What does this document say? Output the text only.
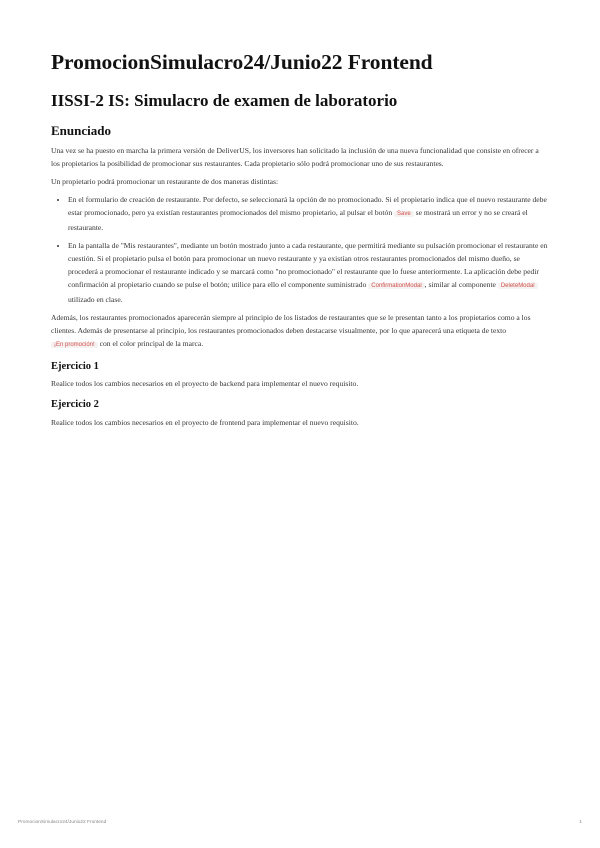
PromocionSimulacro24/Junio22 Frontend
IISSI-2 IS: Simulacro de examen de laboratorio
Enunciado

Una vez se ha puesto en marcha la primera versión de DeliverUS, los inversores han solicitado la inclusión de una nueva funcionalidad que consiste en ofrecer a los propietarios la posibilidad de promocionar sus restaurantes. Cada propietario sólo podrá promocionar uno de sus restaurantes.

Un propietario podrá promocionar un restaurante de dos maneras distintas:

• En el formulario de creación de restaurante. Por defecto, se seleccionará la opción de no promocionado. Si el propietario indica que el nuevo restaurante debe estar promocionado, pero ya existían restaurantes promocionados del mismo propietario, al pulsar el botón Save se mostrará un error y no se creará el restaurante.
• En la pantalla de "Mis restaurantes", mediante un botón mostrado junto a cada restaurante, que permitirá mediante su pulsación promocionar el restaurante en cuestión. Si el propietario pulsa el botón para promocionar un nuevo restaurante y ya existían otros restaurantes promocionados del mismo dueño, se procederá a promocionar el restaurante indicado y se marcará como "no promocionado" el restaurante que lo fuese anteriormente. La aplicación debe pedir confirmación al propietario cuando se pulse el botón; utilice para ello el componente suministrado ConfirmationModal , similar al componente DeleteModal utilizado en clase.

Además, los restaurantes promocionados aparecerán siempre al principio de los listados de restaurantes que se le presentan tanto a los propietarios como a los clientes. Además de presentarse al principio, los restaurantes promocionados deben destacarse visualmente, por lo que aparecerá una etiqueta de texto ¡En promoción! con el color principal de la marca.

Ejercicio 1

Realice todos los cambios necesarios en el proyecto de backend para implementar el nuevo requisito.

Ejercicio 2

Realice todos los cambios necesarios en el proyecto de frontend para implementar el nuevo requisito.

PromocionSimulacro24/Junio22 Frontend	1
